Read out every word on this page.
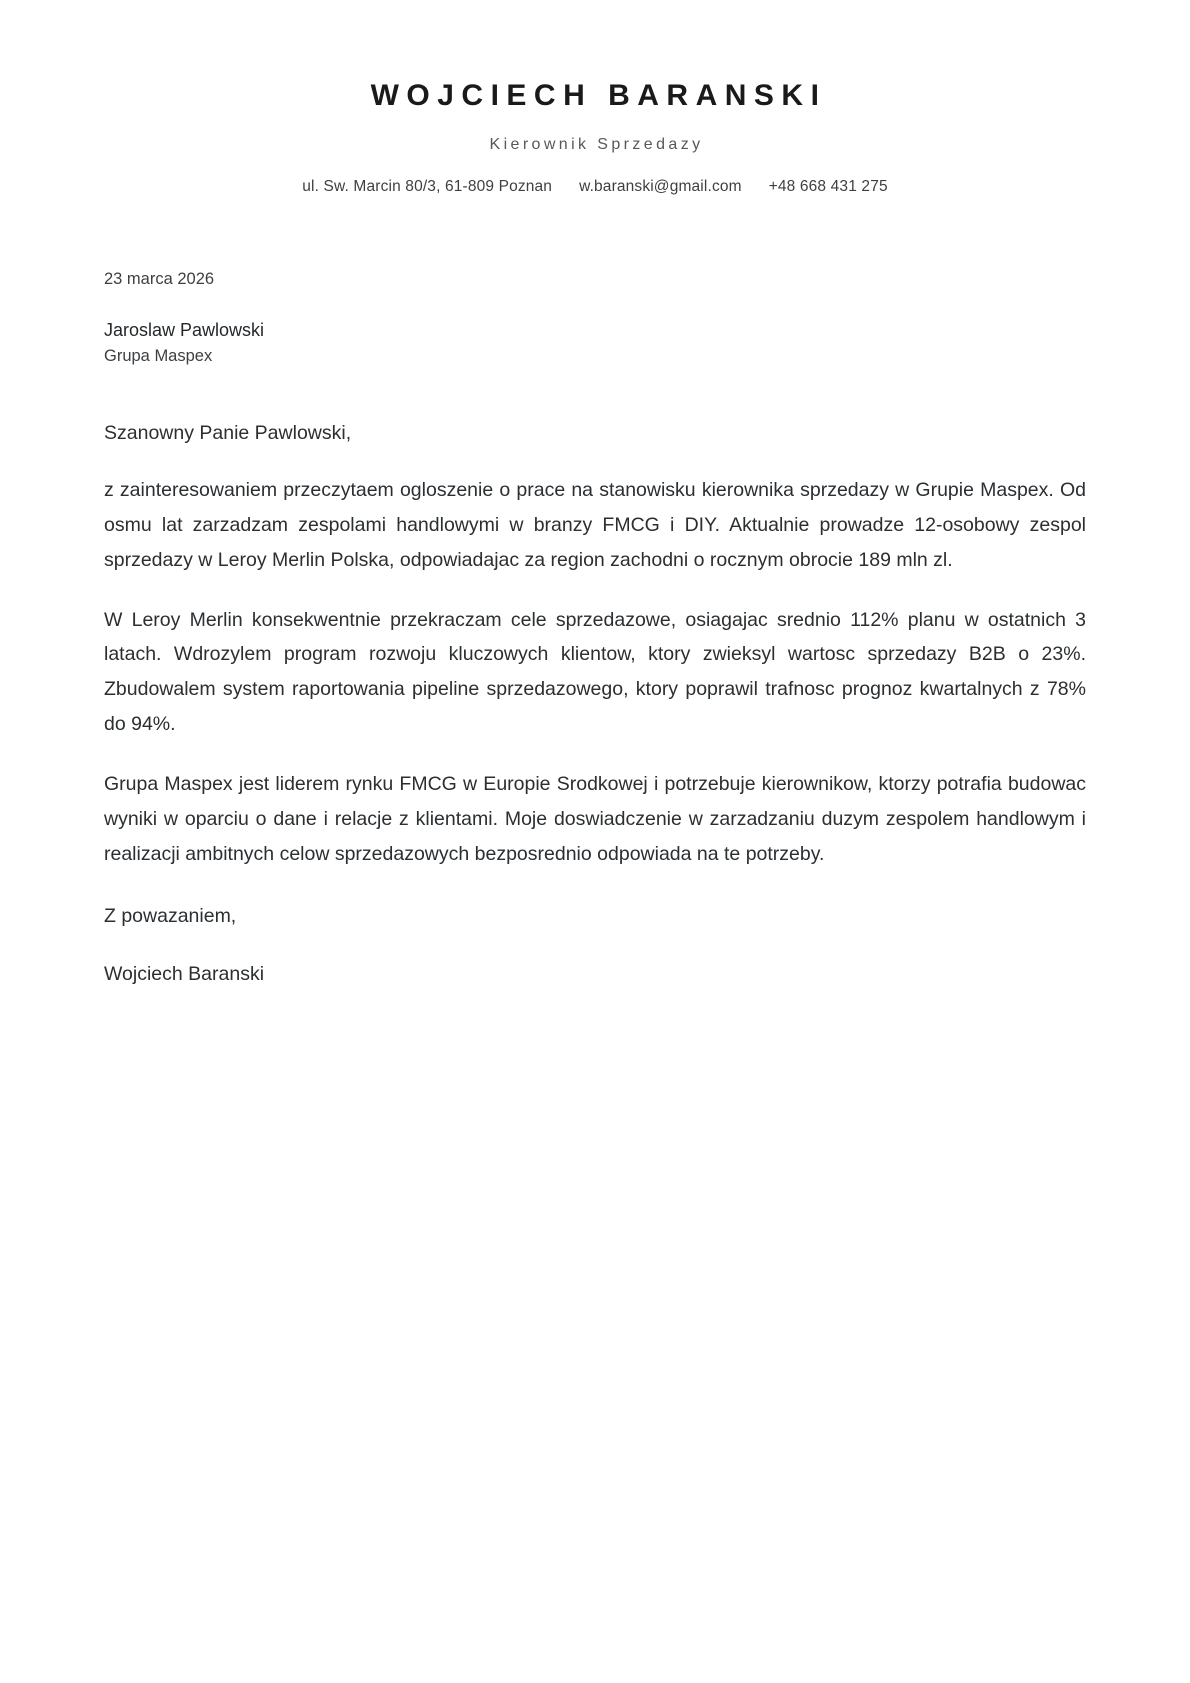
WOJCIECH BARANSKI
Kierownik Sprzedazy
ul. Sw. Marcin 80/3, 61-809 Poznan w.baranski@gmail.com +48 668 431 275
23 marca 2026
Jaroslaw Pawlowski
Grupa Maspex
Szanowny Panie Pawlowski,

z zainteresowaniem przeczytaem ogloszenie o prace na stanowisku kierownika sprzedazy w Grupie Maspex. Od osmu lat zarzadzam zespolami handlowymi w branzy FMCG i DIY. Aktualnie prowadze 12-osobowy zespol sprzedazy w Leroy Merlin Polska, odpowiadajac za region zachodni o rocznym obrocie 189 mln zl.

W Leroy Merlin konsekwentnie przekraczam cele sprzedazowe, osiagajac srednio 112% planu w ostatnich 3 latach. Wdrozylem program rozwoju kluczowych klientow, ktory zwieksyl wartosc sprzedazy B2B o 23%. Zbudowalem system raportowania pipeline sprzedazowego, ktory poprawil trafnosc prognoz kwartalnych z 78% do 94%.

Grupa Maspex jest liderem rynku FMCG w Europie Srodkowej i potrzebuje kierownikow, ktorzy potrafia budowac wyniki w oparciu o dane i relacje z klientami. Moje doswiadczenie w zarzadzaniu duzym zespolem handlowym i realizacji ambitnych celow sprzedazowych bezposrednio odpowiada na te potrzeby.

Z powazaniem,
Wojciech Baranski
